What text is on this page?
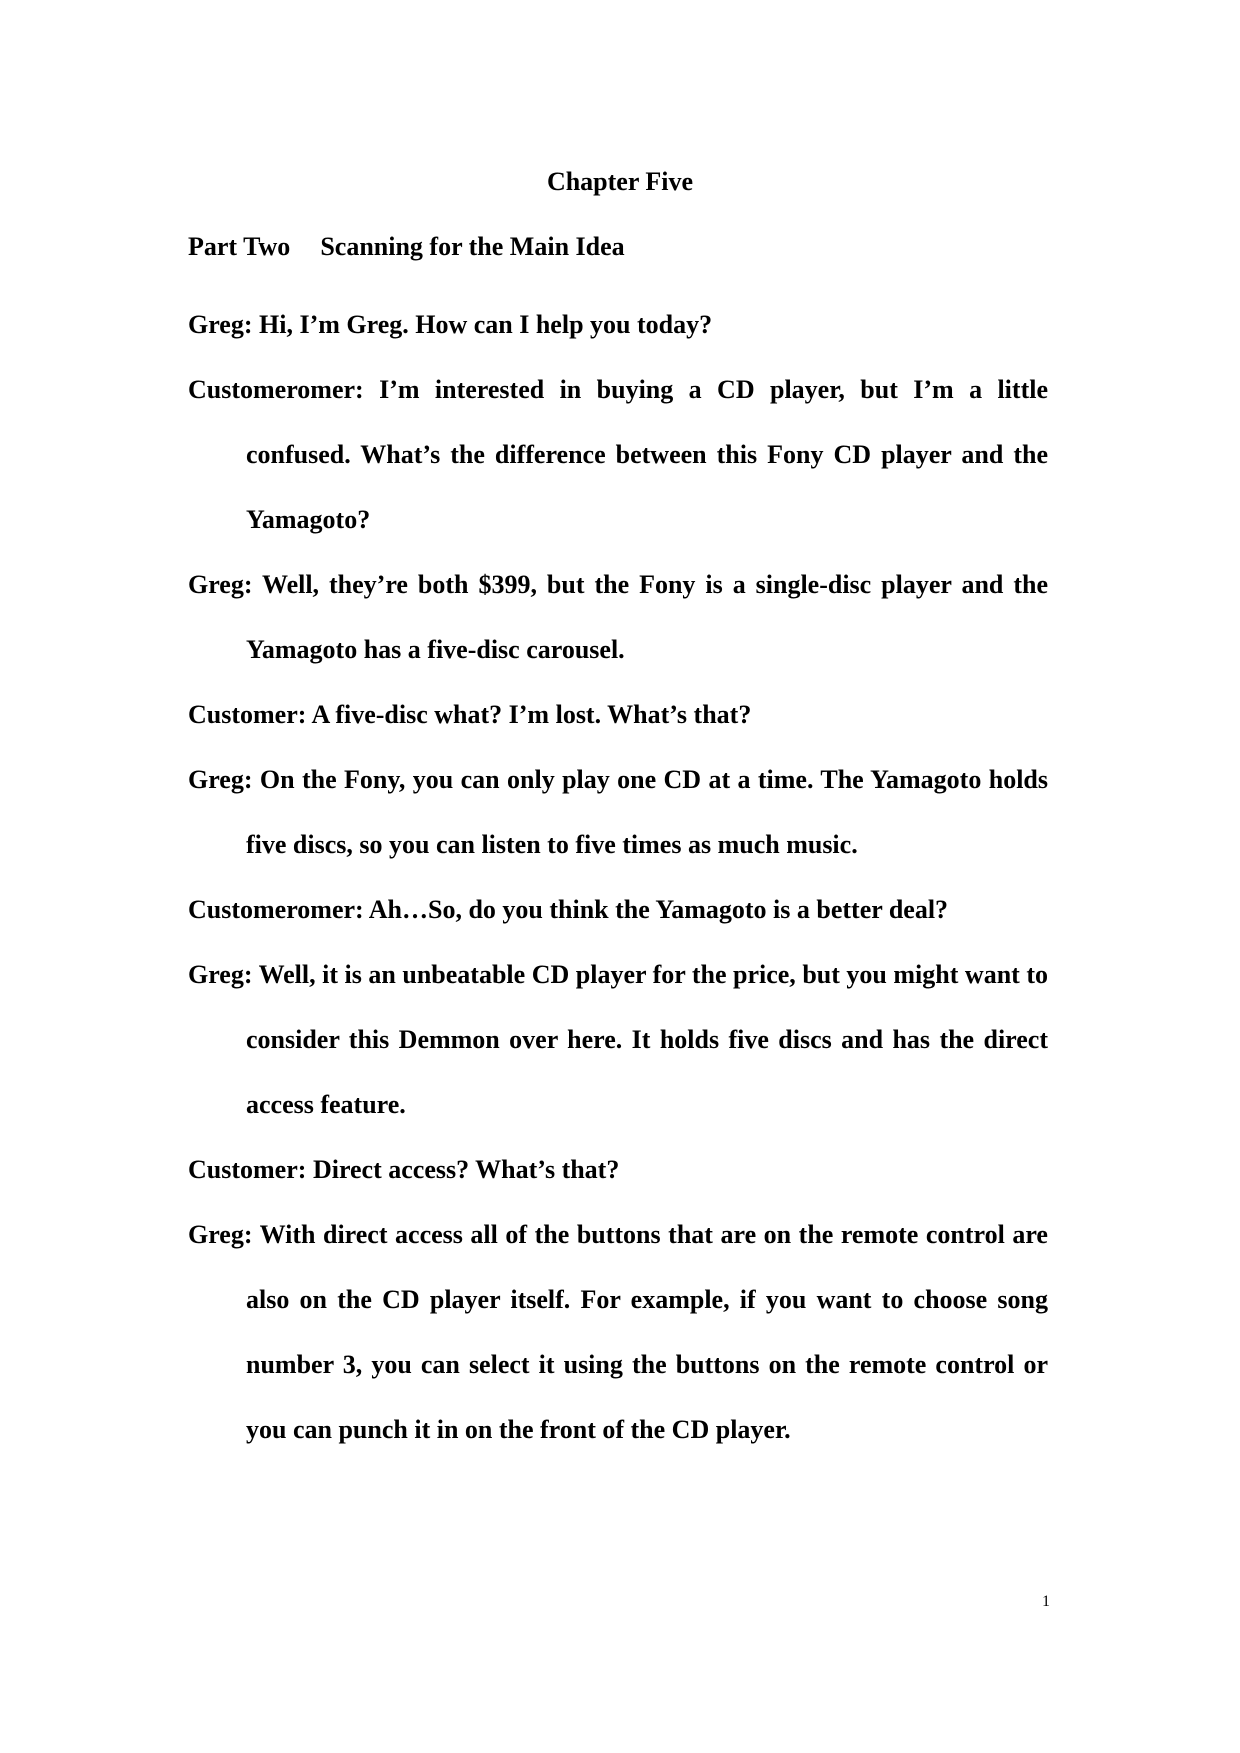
Chapter Five
Part Two Scanning for the Main Idea

Greg: Hi, I’m Greg. How can I help you today?

Customeromer: I’m interested in buying a CD player, but I’m a little confused. What’s the difference between this Fony CD player and the Yamagoto?

Greg: Well, they’re both $399, but the Fony is a single-disc player and the Yamagoto has a five-disc carousel.

Customer: A five-disc what? I’m lost. What’s that?

Greg: On the Fony, you can only play one CD at a time. The Yamagoto holds five discs, so you can listen to five times as much music.

Customeromer: Ah…So, do you think the Yamagoto is a better deal?

Greg: Well, it is an unbeatable CD player for the price, but you might want to consider this Demmon over here. It holds five discs and has the direct access feature.

Customer: Direct access? What’s that?

Greg: With direct access all of the buttons that are on the remote control are also on the CD player itself. For example, if you want to choose song number 3, you can select it using the buttons on the remote control or you can punch it in on the front of the CD player.

1
